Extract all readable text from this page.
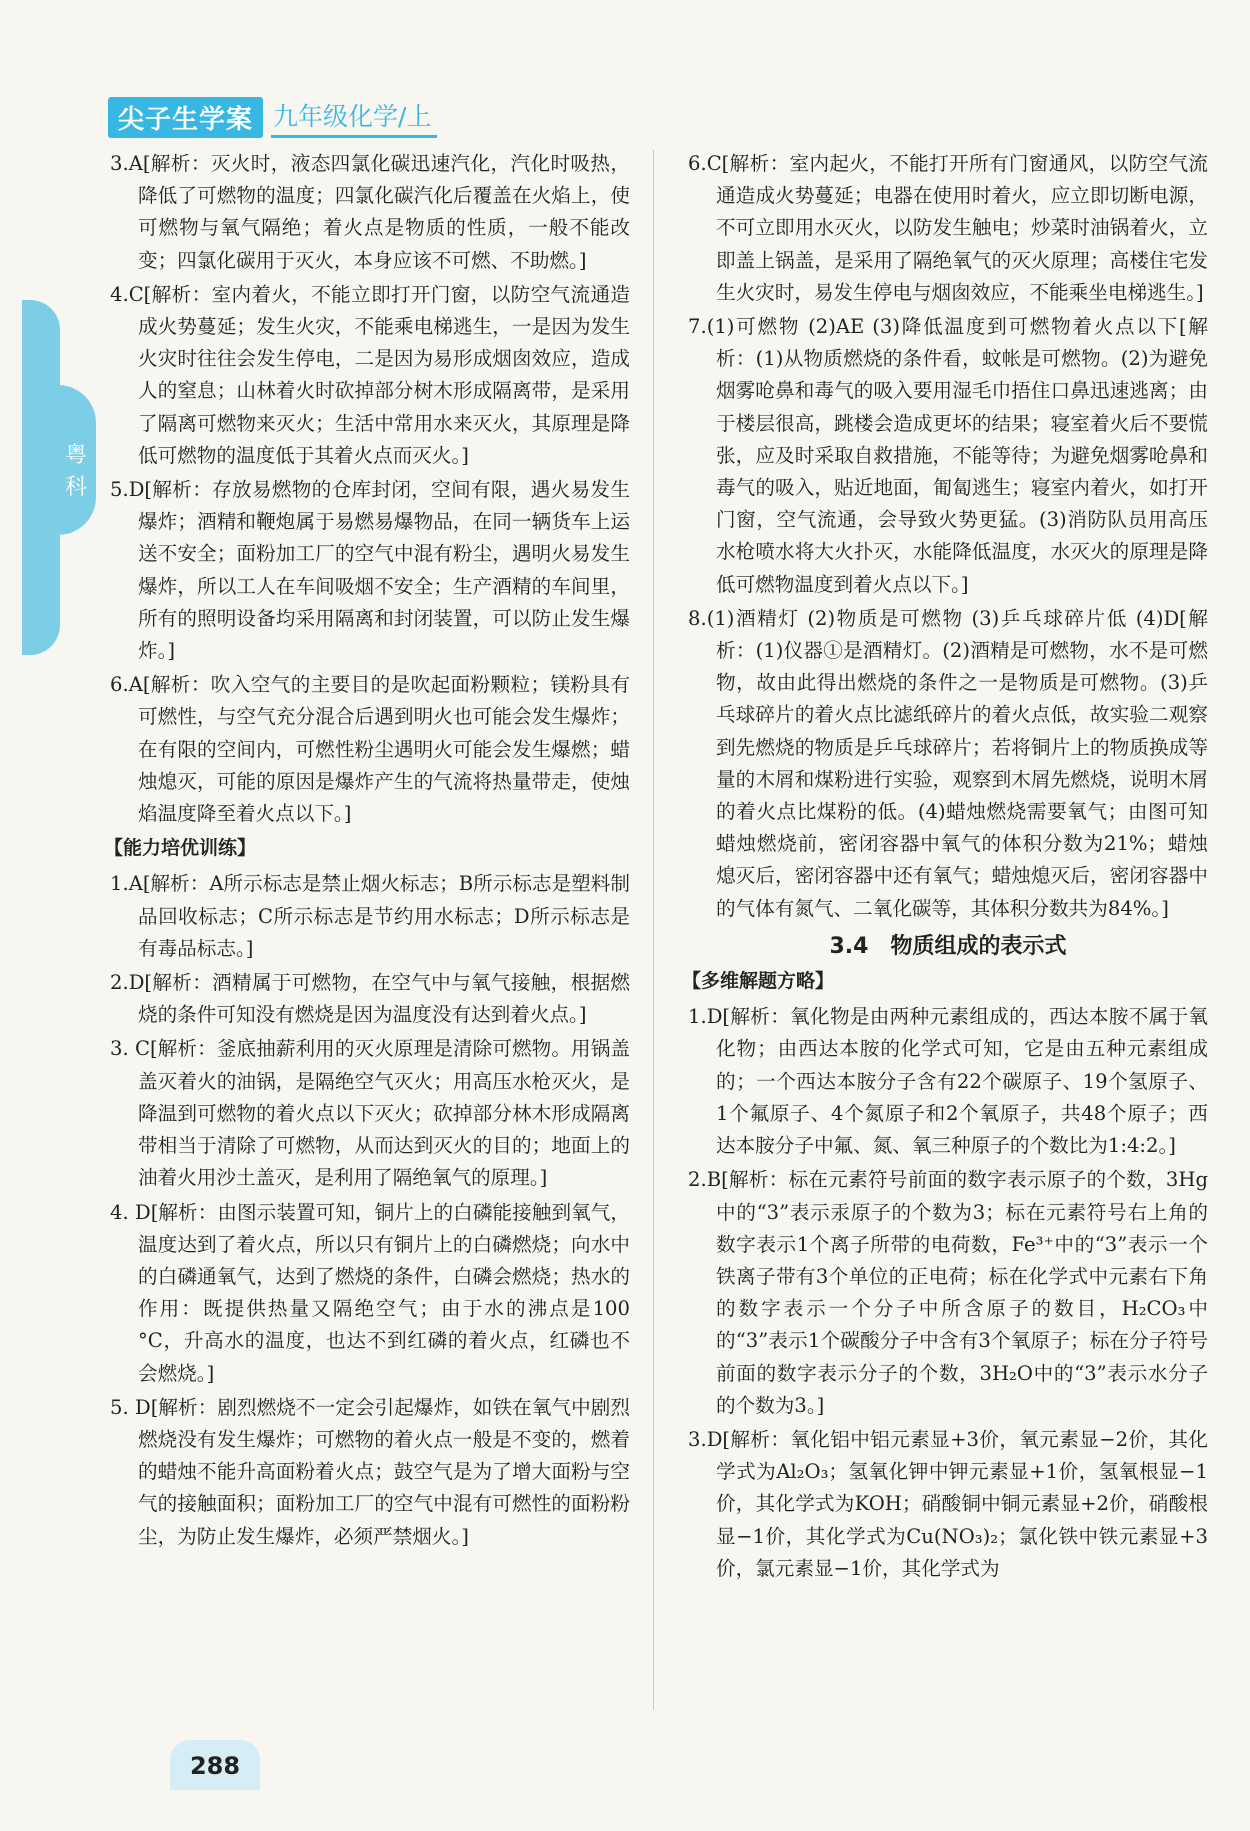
粤科
尖子生学案 九年级化学/上

3.A[解析：灭火时，液态四氯化碳迅速汽化，汽化时吸热，降低了可燃物的温度；四氯化碳汽化后覆盖在火焰上，使可燃物与氧气隔绝；着火点是物质的性质，一般不能改变；四氯化碳用于灭火，本身应该不可燃、不助燃。]

4.C[解析：室内着火，不能立即打开门窗，以防空气流通造成火势蔓延；发生火灾，不能乘电梯逃生，一是因为发生火灾时往往会发生停电，二是因为易形成烟囱效应，造成人的窒息；山林着火时砍掉部分树木形成隔离带，是采用了隔离可燃物来灭火；生活中常用水来灭火，其原理是降低可燃物的温度低于其着火点而灭火。]

5.D[解析：存放易燃物的仓库封闭，空间有限，遇火易发生爆炸；酒精和鞭炮属于易燃易爆物品，在同一辆货车上运送不安全；面粉加工厂的空气中混有粉尘，遇明火易发生爆炸，所以工人在车间吸烟不安全；生产酒精的车间里，所有的照明设备均采用隔离和封闭装置，可以防止发生爆炸。]

6.A[解析：吹入空气的主要目的是吹起面粉颗粒；镁粉具有可燃性，与空气充分混合后遇到明火也可能会发生爆炸；在有限的空间内，可燃性粉尘遇明火可能会发生爆燃；蜡烛熄灭，可能的原因是爆炸产生的气流将热量带走，使烛焰温度降至着火点以下。]

【能力培优训练】

1.A[解析：A所示标志是禁止烟火标志；B所示标志是塑料制品回收标志；C所示标志是节约用水标志；D所示标志是有毒品标志。]

2.D[解析：酒精属于可燃物，在空气中与氧气接触，根据燃烧的条件可知没有燃烧是因为温度没有达到着火点。]

3. C[解析：釜底抽薪利用的灭火原理是清除可燃物。用锅盖盖灭着火的油锅，是隔绝空气灭火；用高压水枪灭火，是降温到可燃物的着火点以下灭火；砍掉部分林木形成隔离带相当于清除了可燃物，从而达到灭火的目的；地面上的油着火用沙土盖灭，是利用了隔绝氧气的原理。]

4. D[解析：由图示装置可知，铜片上的白磷能接触到氧气，温度达到了着火点，所以只有铜片上的白磷燃烧；向水中的白磷通氧气，达到了燃烧的条件，白磷会燃烧；热水的作用：既提供热量又隔绝空气；由于水的沸点是100 °C，升高水的温度，也达不到红磷的着火点，红磷也不会燃烧。]

5. D[解析：剧烈燃烧不一定会引起爆炸，如铁在氧气中剧烈燃烧没有发生爆炸；可燃物的着火点一般是不变的，燃着的蜡烛不能升高面粉着火点；鼓空气是为了增大面粉与空气的接触面积；面粉加工厂的空气中混有可燃性的面粉粉尘，为防止发生爆炸，必须严禁烟火。]

6.C[解析：室内起火，不能打开所有门窗通风，以防空气流通造成火势蔓延；电器在使用时着火，应立即切断电源，不可立即用水灭火，以防发生触电；炒菜时油锅着火，立即盖上锅盖，是采用了隔绝氧气的灭火原理；高楼住宅发生火灾时，易发生停电与烟囱效应，不能乘坐电梯逃生。]

7.(1)可燃物 (2)AE (3)降低温度到可燃物着火点以下[解析：(1)从物质燃烧的条件看，蚊帐是可燃物。(2)为避免烟雾呛鼻和毒气的吸入要用湿毛巾捂住口鼻迅速逃离；由于楼层很高，跳楼会造成更坏的结果；寝室着火后不要慌张，应及时采取自救措施，不能等待；为避免烟雾呛鼻和毒气的吸入，贴近地面，匍匐逃生；寝室内着火，如打开门窗，空气流通，会导致火势更猛。(3)消防队员用高压水枪喷水将大火扑灭，水能降低温度，水灭火的原理是降低可燃物温度到着火点以下。]

8.(1)酒精灯 (2)物质是可燃物 (3)乒乓球碎片低 (4)D[解析：(1)仪器①是酒精灯。(2)酒精是可燃物，水不是可燃物，故由此得出燃烧的条件之一是物质是可燃物。(3)乒乓球碎片的着火点比滤纸碎片的着火点低，故实验二观察到先燃烧的物质是乒乓球碎片；若将铜片上的物质换成等量的木屑和煤粉进行实验，观察到木屑先燃烧，说明木屑的着火点比煤粉的低。(4)蜡烛燃烧需要氧气；由图可知蜡烛燃烧前，密闭容器中氧气的体积分数为21%；蜡烛熄灭后，密闭容器中还有氧气；蜡烛熄灭后，密闭容器中的气体有氮气、二氧化碳等，其体积分数共为84%。]

3.4　物质组成的表示式
【多维解题方略】

1.D[解析：氧化物是由两种元素组成的，西达本胺不属于氧化物；由西达本胺的化学式可知，它是由五种元素组成的；一个西达本胺分子含有22个碳原子、19个氢原子、1个氟原子、4个氮原子和2个氧原子，共48个原子；西达本胺分子中氟、氮、氧三种原子的个数比为1:4:2。]

2.B[解析：标在元素符号前面的数字表示原子的个数，3Hg中的“3”表示汞原子的个数为3；标在元素符号右上角的数字表示1个离子所带的电荷数，Fe³⁺中的“3”表示一个铁离子带有3个单位的正电荷；标在化学式中元素右下角的数字表示一个分子中所含原子的数目，H₂CO₃中的“3”表示1个碳酸分子中含有3个氧原子；标在分子符号前面的数字表示分子的个数，3H₂O中的“3”表示水分子的个数为3。]

3.D[解析：氧化铝中铝元素显+3价，氧元素显−2价，其化学式为Al₂O₃；氢氧化钾中钾元素显+1价，氢氧根显−1价，其化学式为KOH；硝酸铜中铜元素显+2价，硝酸根显−1价，其化学式为Cu(NO₃)₂；氯化铁中铁元素显+3价，氯元素显−1价，其化学式为

288
